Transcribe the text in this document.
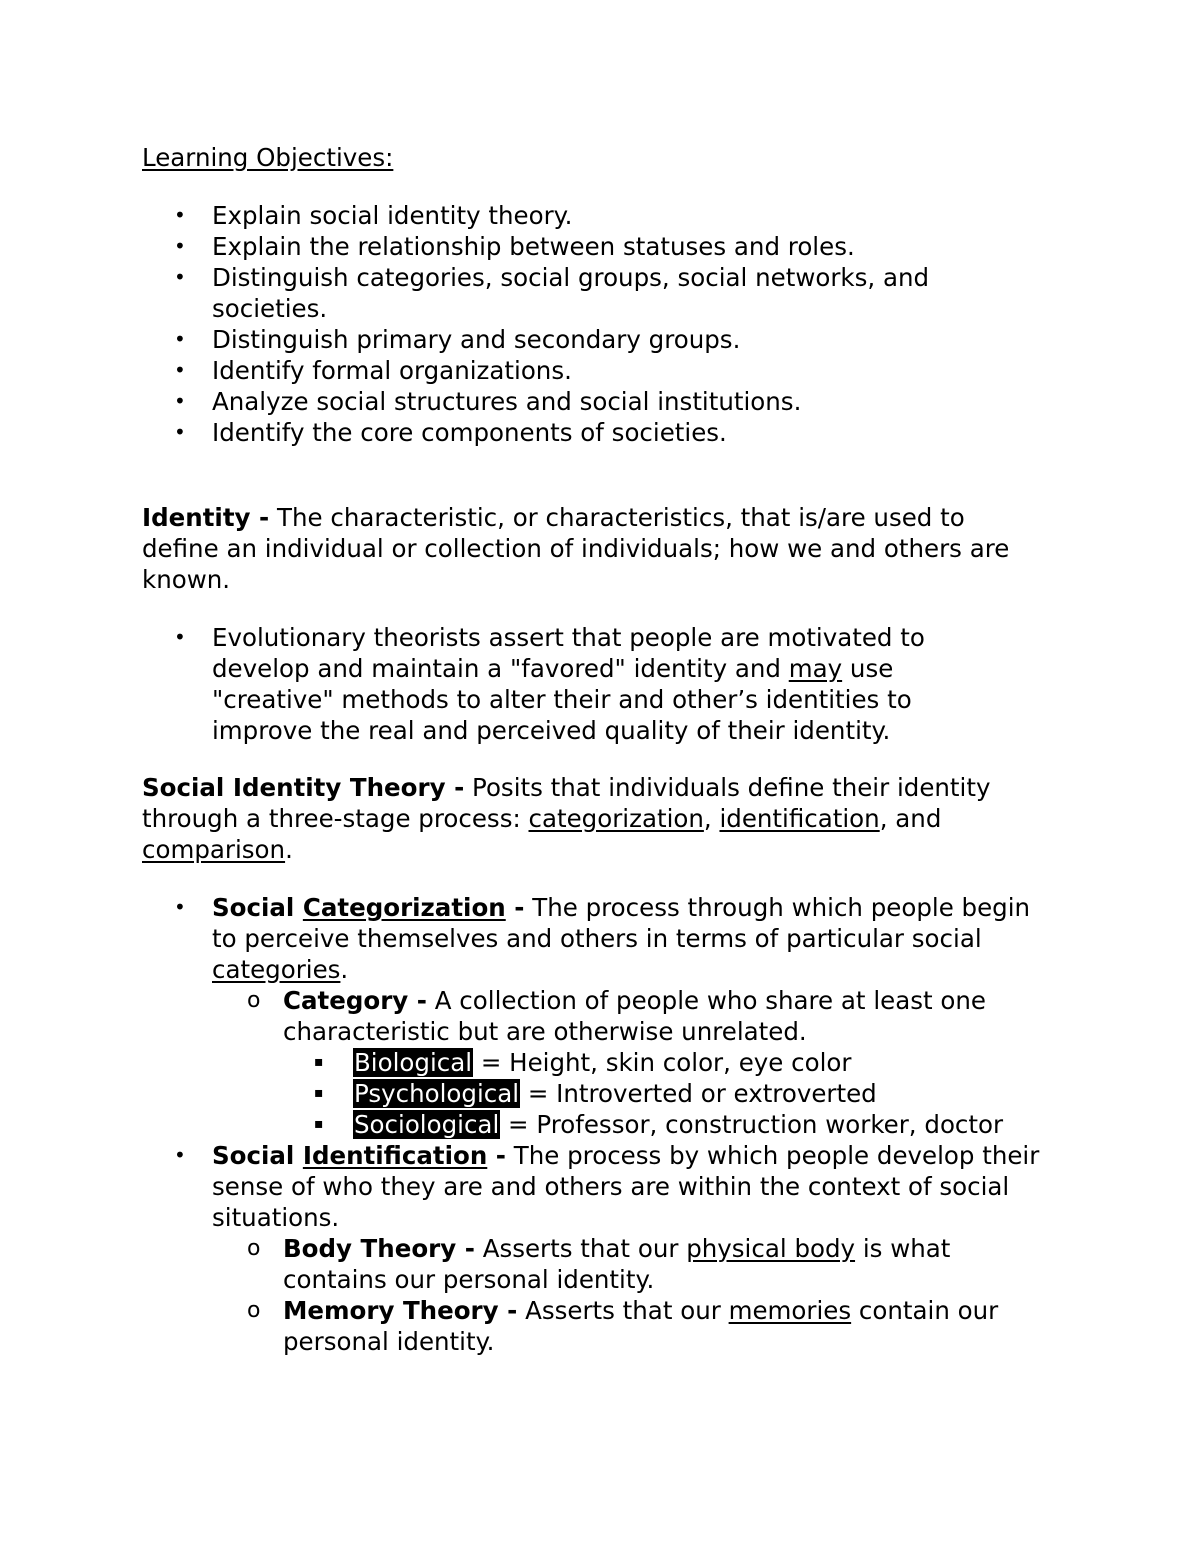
Learning Objectives:

• Explain social identity theory.
• Explain the relationship between statuses and roles.
• Distinguish categories, social groups, social networks, and societies.
• Distinguish primary and secondary groups.
• Identify formal organizations.
• Analyze social structures and social institutions.
• Identify the core components of societies.

Identity - The characteristic, or characteristics, that is/are used to define an individual or collection of individuals; how we and others are known.

• Evolutionary theorists assert that people are motivated to develop and maintain a "favored" identity and may use "creative" methods to alter their and other’s identities to improve the real and perceived quality of their identity.

Social Identity Theory - Posits that individuals define their identity through a three-stage process: categorization, identification, and comparison.

• Social Categorization - The process through which people begin to perceive themselves and others in terms of particular social categories.
o Category - A collection of people who share at least one characteristic but are otherwise unrelated.
▪ Biological = Height, skin color, eye color
▪ Psychological = Introverted or extroverted
▪ Sociological = Professor, construction worker, doctor
• Social Identification - The process by which people develop their sense of who they are and others are within the context of social situations.
o Body Theory - Asserts that our physical body is what contains our personal identity.
o Memory Theory - Asserts that our memories contain our personal identity.
